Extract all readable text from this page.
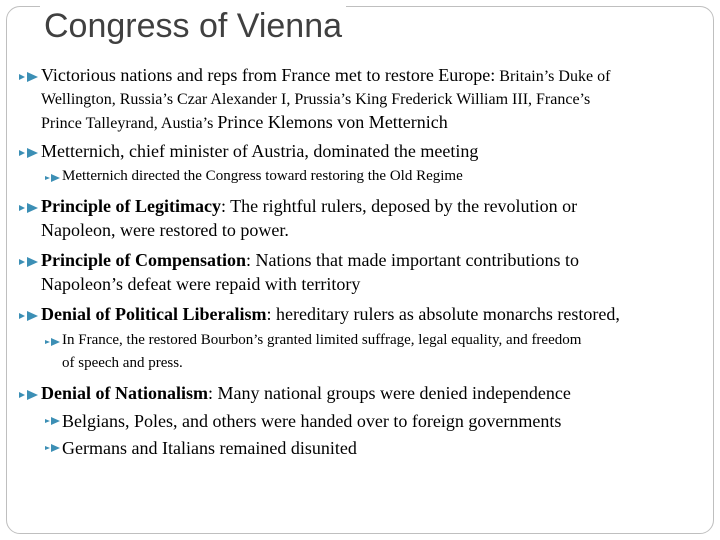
Congress of Vienna
Victorious nations and reps from France met to restore Europe: Britain’s Duke of
Wellington, Russia’s Czar Alexander I, Prussia’s King Frederick William III, France’s
Prince Talleyrand, Austia’s Prince Klemons von Metternich
Metternich, chief minister of Austria, dominated the meeting
Metternich directed the Congress toward restoring the Old Regime
Principle of Legitimacy: The rightful rulers, deposed by the revolution or
Napoleon, were restored to power.
Principle of Compensation: Nations that made important contributions to
Napoleon’s defeat were repaid with territory
Denial of Political Liberalism: hereditary rulers as absolute monarchs restored,
In France, the restored Bourbon’s granted limited suffrage, legal equality, and freedom
of speech and press.
Denial of Nationalism: Many national groups were denied independence
Belgians, Poles, and others were handed over to foreign governments
Germans and Italians remained disunited
